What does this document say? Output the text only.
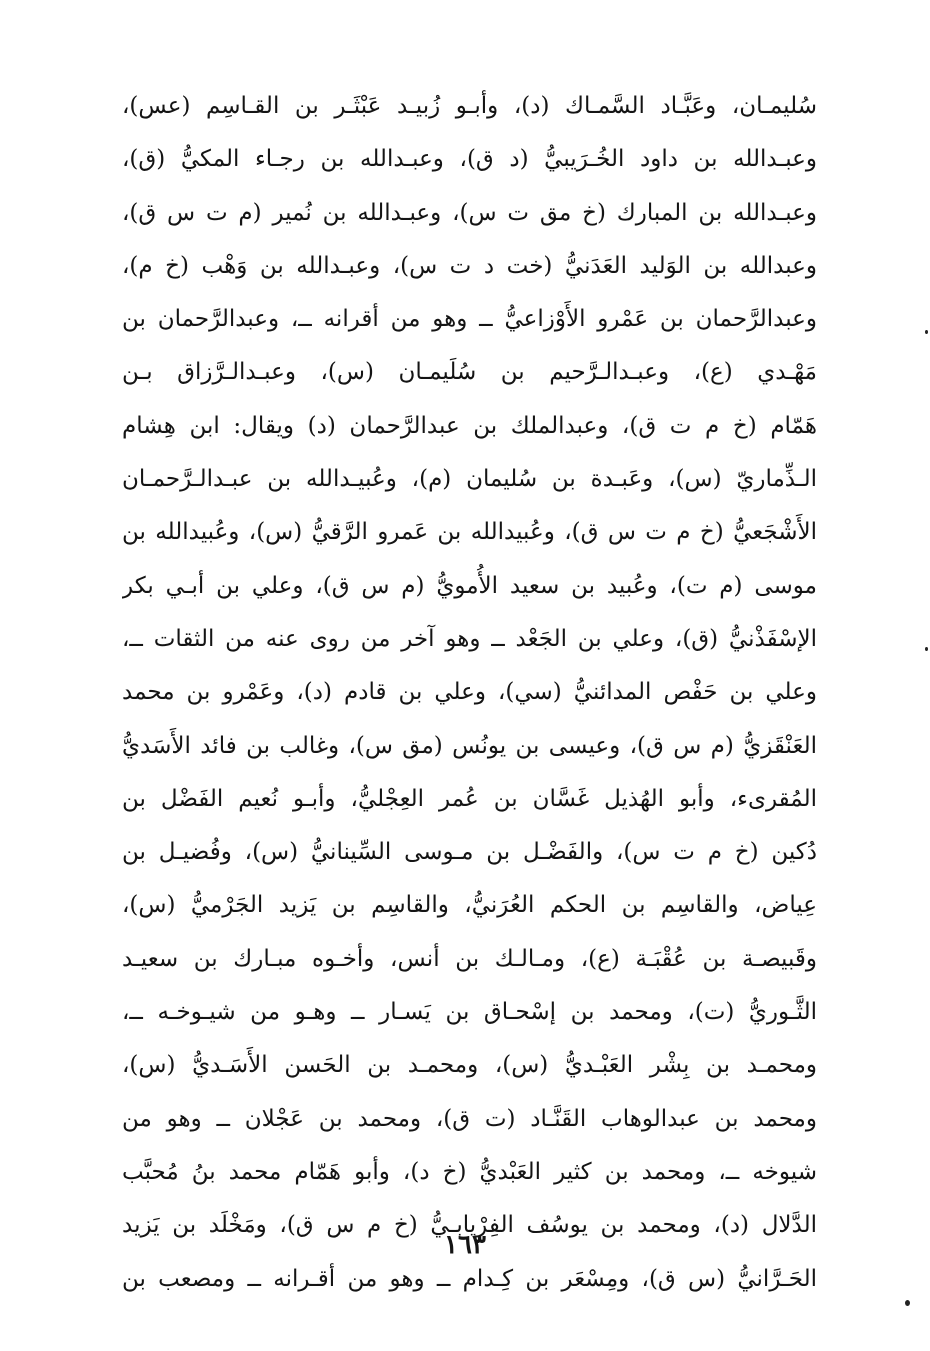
سُليمـان، وعَبَّـاد السَّمـاك (د)، وأبـو زُبيـد عَبْثَـر بن القـاسِم (عس)،
وعبـدالله بن داود الخُـرَيبيُّ (د ق)، وعبـدالله بن رجـاء المكيُّ (ق)،
وعبـدالله بن المبارك (خ مق ت س)، وعبـدالله بن نُمير (م ت س ق)،
وعبدالله بن الوَليد العَدَنيُّ (خت د ت س)، وعبـدالله بن وَهْب (خ م)،
وعبدالرَّحمان بن عَمْرو الأَوْزاعيُّ ــ وهو من أقرانه ــ، وعبدالرَّحمان بن
مَهْـدي (ع)، وعبـدالـرَّحيم بن سُلَيمـان (س)، وعبـدالـرَّزاق بـن
هَمّام (خ م ت ق)، وعبدالملك بن عبدالرَّحمان (د) ويقال: ابن هِشام
الـذِّماريّ (س)، وعَبـدة بن سُليمان (م)، وعُبيـدالله بن عبـدالـرَّحمـان
الأَشْجَعيُّ (خ م ت س ق)، وعُبيدالله بن عَمرو الرَّقيُّ (س)، وعُبيدالله بن
موسى (م ت)، وعُبيد بن سعيد الأُمويُّ (م س ق)، وعلي بن أبـي بكر
الإسْفَذْنيُّ (ق)، وعلي بن الجَعْد ــ وهو آخر من روى عنه من الثقات ــ،
وعلي بن حَفْص المدائنيُّ (سي)، وعلي بن قادم (د)، وعَمْرو بن محمد
العَنْقَزيُّ (م س ق)، وعيسى بن يونُس (مق س)، وغالب بن فائد الأَسَديُّ
المُقرىء، وأبو الهُذيل غَسَّان بن عُمر العِجْليُّ، وأبـو نُعيم الفَضْل بن
دُكين (خ م ت س)، والفَضْـل بن مـوسى السِّينانيُّ (س)، وفُضيـل بن
عِياض، والقاسِم بن الحكم العُرَنيُّ، والقاسِم بن يَزيد الجَرْميُّ (س)،
وقَبيصـة بن عُقْبَـة (ع)، ومـالـك بن أنس، وأخـوه مبـارك بن سعيـد
الثَّـوريُّ (ت)، ومحمد بن إسْحـاق بن يَسـار ــ وهـو من شيـوخـه ــ،
ومحمـد بن بِشْر العَبْـديُّ (س)، ومحمـد بن الحَسن الأَسَـديُّ (س)،
ومحمد بن عبدالوهاب القَنَّـاد (ت ق)، ومحمد بن عَجْلان ــ وهو من
شيوخه ــ، ومحمد بن كثير العَبْديُّ (خ د)، وأبو هَمّام محمد بنُ مُحبَّب
الدَّلال (د)، ومحمد بن يوسُف الفِرْيابـيُّ (خ م س ق)، ومَخْلَد بن يَزيد
الحَـرَّانيُّ (س ق)، ومِسْعَر بن كِـدام ــ وهو من أقـرانه ــ ومصعب بن
١٦٣
